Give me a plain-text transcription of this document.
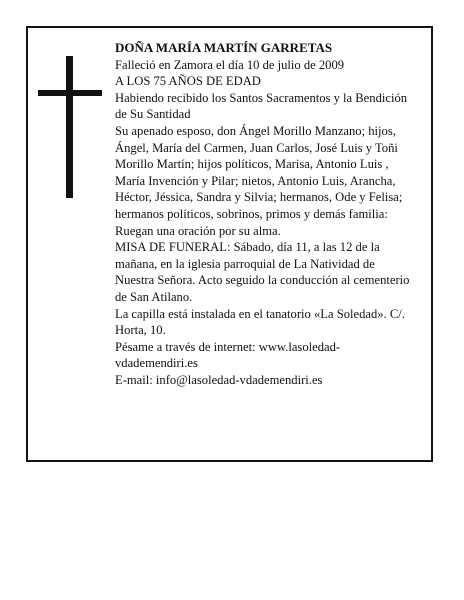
DOÑA MARÍA MARTÍN GARRETAS

Falleció en Zamora el día 10 de julio de 2009

A LOS 75 AÑOS DE EDAD

Habiendo recibido los Santos Sacramentos y la Bendición de Su Santidad

Su apenado esposo, don Ángel Morillo Manzano; hijos, Ángel, María del Carmen, Juan Carlos, José Luis y Toñi Morillo Martín; hijos políticos, Marisa, Antonio Luis , María Invención y Pilar; nietos, Antonio Luis, Arancha, Héctor, Jéssica, Sandra y Silvia; hermanos, Ode y Felisa; hermanos políticos, sobrinos, primos y demás familia:

Ruegan una oración por su alma.

MISA DE FUNERAL: Sábado, día 11, a las 12 de la mañana, en la iglesia parroquial de La Natividad de Nuestra Señora. Acto seguido la conducción al cementerio de San Atilano.

La capilla está instalada en el tanatorio «La Soledad». C/. Horta, 10.

Pésame a través de internet: www.lasoledad-vdademendiri.es

E-mail: info@lasoledad-vdademendiri.es
